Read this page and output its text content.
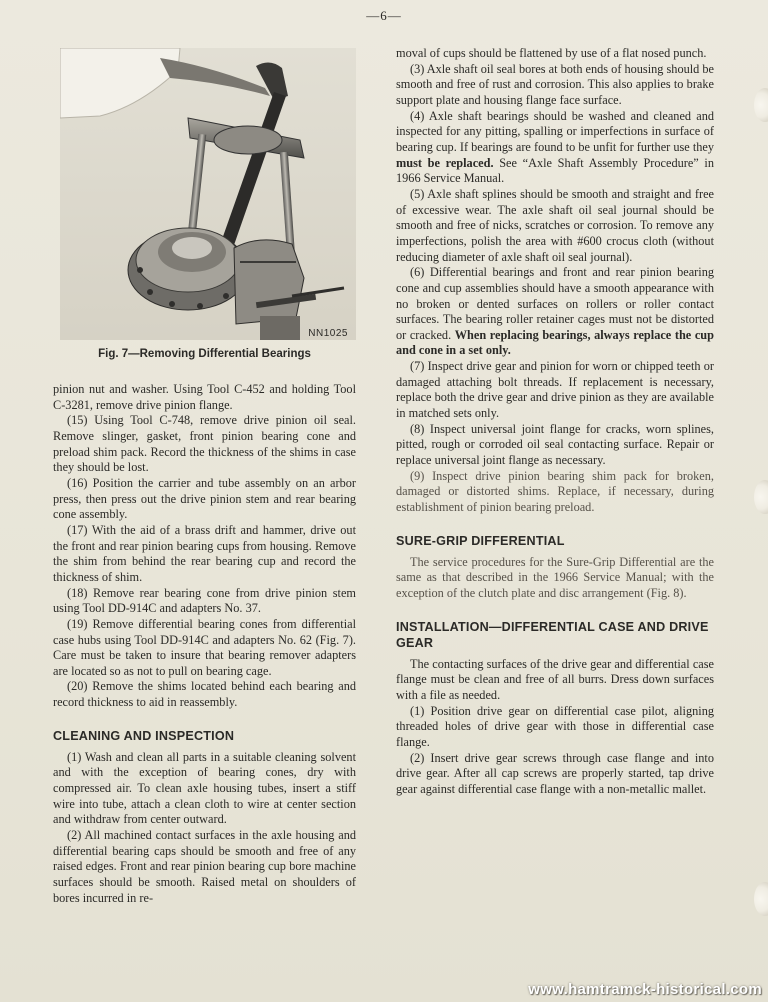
—6—
NN1025
Fig. 7—Removing Differential Bearings

pinion nut and washer. Using Tool C-452 and holding Tool C-3281, remove drive pinion flange.

(15) Using Tool C-748, remove drive pinion oil seal. Remove slinger, gasket, front pinion bearing cone and preload shim pack. Record the thickness of the shims in case they should be lost.

(16) Position the carrier and tube assembly on an arbor press, then press out the drive pinion stem and rear bearing cone assembly.

(17) With the aid of a brass drift and hammer, drive out the front and rear pinion bearing cups from housing. Remove the shim from behind the rear bearing cup and record the thickness of shim.

(18) Remove rear bearing cone from drive pinion stem using Tool DD-914C and adapters No. 37.

(19) Remove differential bearing cones from differential case hubs using Tool DD-914C and adapters No. 62 (Fig. 7). Care must be taken to insure that bearing remover adapters are located so as not to pull on bearing cage.

(20) Remove the shims located behind each bearing and record thickness to aid in reassembly.

CLEANING AND INSPECTION

(1) Wash and clean all parts in a suitable cleaning solvent and with the exception of bearing cones, dry with compressed air. To clean axle housing tubes, insert a stiff wire into tube, attach a clean cloth to wire at center section and withdraw from center outward.

(2) All machined contact surfaces in the axle housing and differential bearing caps should be smooth and free of any raised edges. Front and rear pinion bearing cup bore machine surfaces should be smooth. Raised metal on shoulders of bores incurred in re-

moval of cups should be flattened by use of a flat nosed punch.

(3) Axle shaft oil seal bores at both ends of housing should be smooth and free of rust and corrosion. This also applies to brake support plate and housing flange face surface.

(4) Axle shaft bearings should be washed and cleaned and inspected for any pitting, spalling or imperfections in surface of bearing cup. If bearings are found to be unfit for further use they must be replaced. See “Axle Shaft Assembly Procedure” in 1966 Service Manual.

(5) Axle shaft splines should be smooth and straight and free of excessive wear. The axle shaft oil seal journal should be smooth and free of nicks, scratches or corrosion. To remove any imperfections, polish the area with #600 crocus cloth (without reducing diameter of axle shaft oil seal journal).

(6) Differential bearings and front and rear pinion bearing cone and cup assemblies should have a smooth appearance with no broken or dented surfaces on rollers or roller contact surfaces. The bearing roller retainer cages must not be distorted or cracked. When replacing bearings, always replace the cup and cone in a set only.

(7) Inspect drive gear and pinion for worn or chipped teeth or damaged attaching bolt threads. If replacement is necessary, replace both the drive gear and drive pinion as they are available in matched sets only.

(8) Inspect universal joint flange for cracks, worn splines, pitted, rough or corroded oil seal contacting surface. Repair or replace universal joint flange as necessary.

(9) Inspect drive pinion bearing shim pack for broken, damaged or distorted shims. Replace, if necessary, during establishment of pinion bearing preload.

SURE-GRIP DIFFERENTIAL

The service procedures for the Sure-Grip Differential are the same as that described in the 1966 Service Manual; with the exception of the clutch plate and disc arrangement (Fig. 8).

INSTALLATION—DIFFERENTIAL CASE AND DRIVE GEAR

The contacting surfaces of the drive gear and differential case flange must be clean and free of all burrs. Dress down surfaces with a file as needed.

(1) Position drive gear on differential case pilot, aligning threaded holes of drive gear with those in differential case flange.

(2) Insert drive gear screws through case flange and into drive gear. After all cap screws are properly started, tap drive gear against differential case flange with a non-metallic mallet.

www.hamtramck-historical.com
